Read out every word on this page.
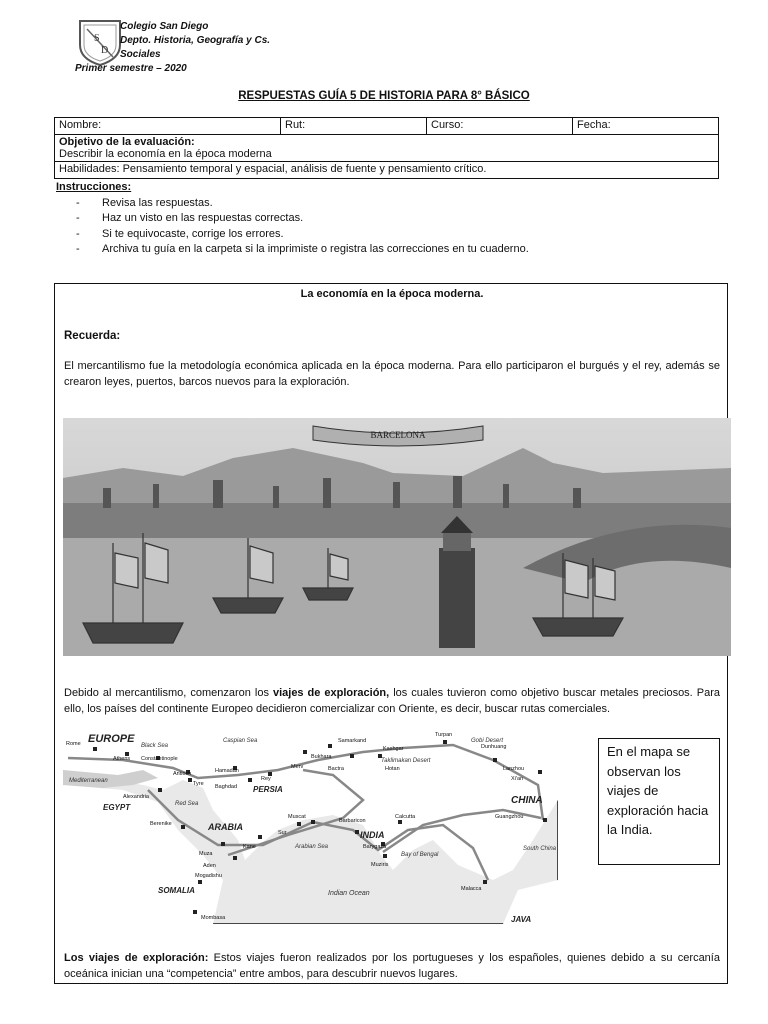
S
D
Colegio San Diego
Depto. Historia, Geografía y Cs.
Sociales
Primer semestre – 2020
RESPUESTAS GUÍA 5 DE HISTORIA PARA 8° BÁSICO
Nombre:	Rut:	Curso:	Fecha:

Objetivo de la evaluación:
Describir la economía en la época moderna

Habilidades: Pensamiento temporal y espacial, análisis de fuente y pensamiento crítico.
Instrucciones:
- Revisa las respuestas.
- Haz un visto en las respuestas correctas.
- Si te equivocaste, corrige los errores.
- Archiva tu guía en la carpeta si la imprimiste o registra las correcciones en tu cuaderno.
La economía en la época moderna.
Recuerda:
El mercantilismo fue la metodología económica aplicada en la época moderna. Para ello participaron el burgués y el rey, además se crearon leyes, puertos, barcos nuevos para la exploración.
BARCELONA
Debido al mercantilismo, comenzaron los viajes de exploración, los cuales tuvieron como objetivo buscar metales preciosos. Para ello, los países del continente Europeo decidieron comercializar con Oriente, es decir, buscar rutas comerciales.
EUROPE
EGYPT
ARABIA
PERSIA
INDIA
CHINA
SOMALIA
JAVA
Black Sea
Mediterranean
Caspian Sea
Red Sea
Arabian Sea
Bay of Bengal
Indian Ocean
Gobi Desert
Taklimakan Desert
South China
Rome
Athens Constantinople
Antioch
Tyre
Alexandria
Hamadan
Baghdad
Rey
Merv
Bukhara
Samarkand
Bactra
Kashgar
Hotan
Turpan
Dunhuang
Lanzhou
Xi'an
Guangzhou
Berenike
Muza
Aden
Kane
Muscat
Sur
Barbaricon
Barygaza
Calcutta
Muziris
Malacca
Mogadishu
Mombasa
En el mapa se observan los viajes de exploración hacia la India.
Los viajes de exploración: Estos viajes fueron realizados por los portugueses y los españoles, quienes debido a su cercanía oceánica inician una “competencia” entre ambos, para descubrir nuevos lugares.
